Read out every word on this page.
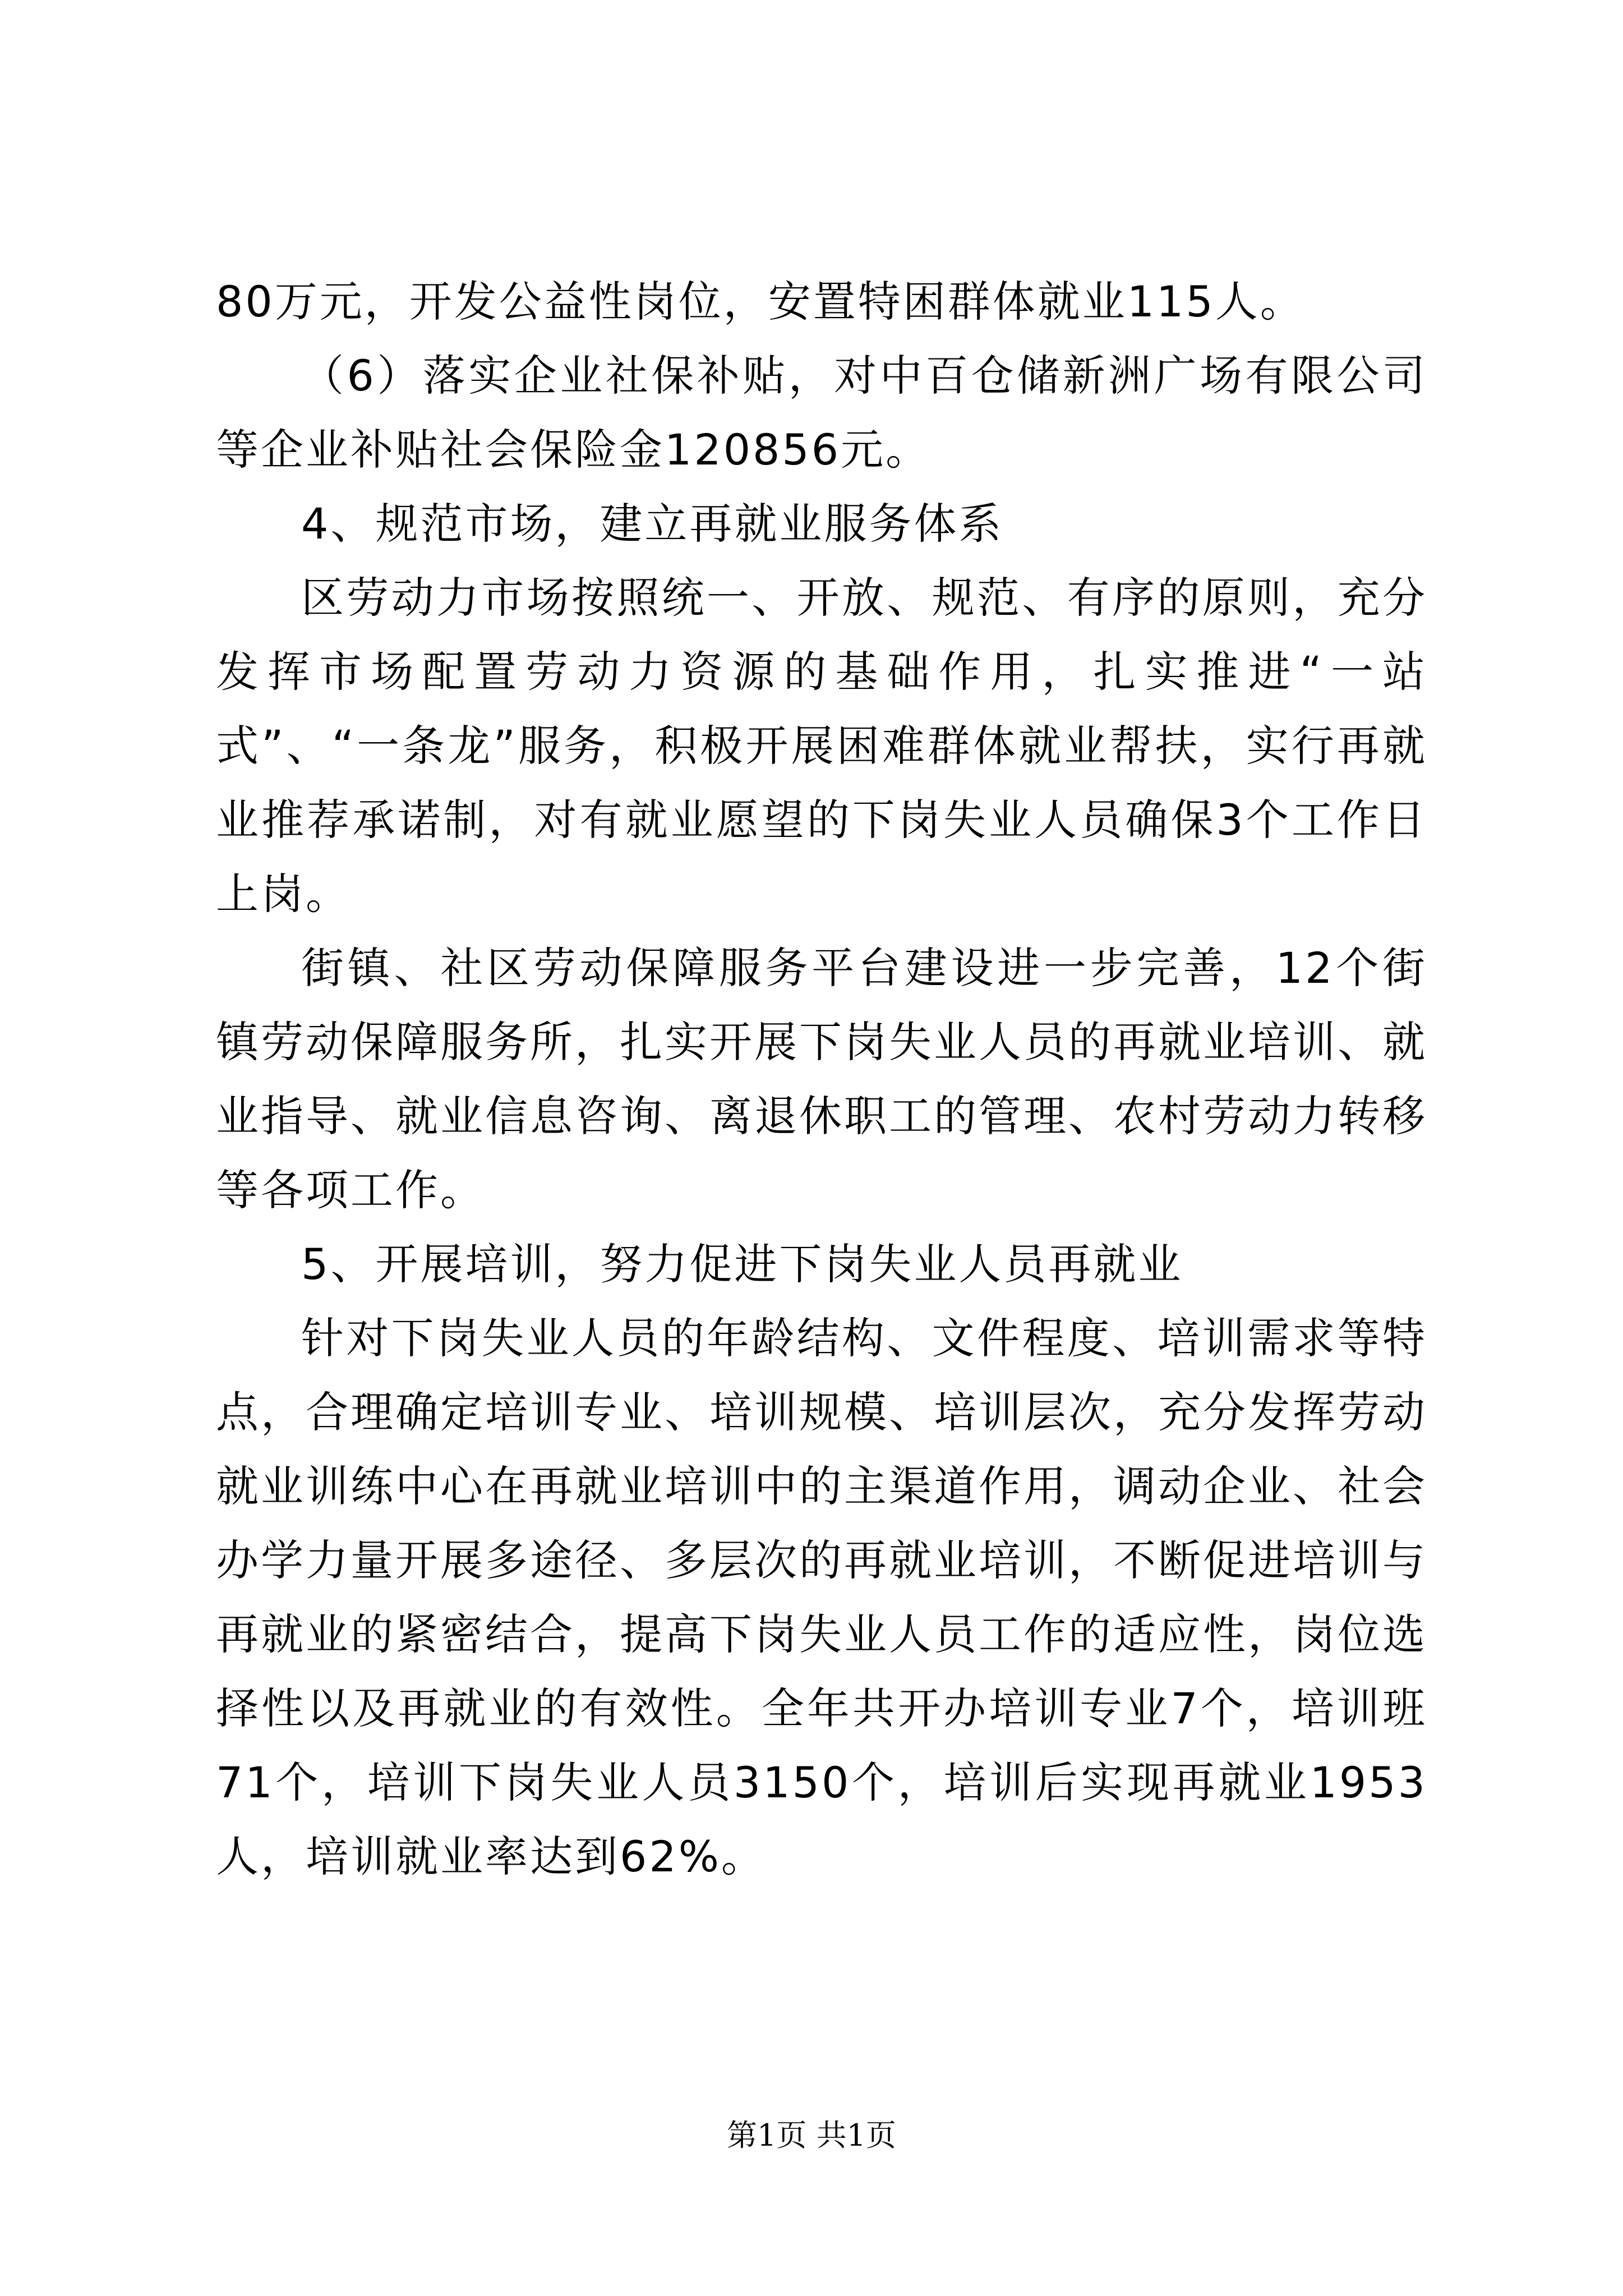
80万元，开发公益性岗位，安置特困群体就业115人。

（6）落实企业社保补贴，对中百仓储新洲广场有限公司等企业补贴社会保险金120856元。

4、规范市场，建立再就业服务体系

区劳动力市场按照统一、开放、规范、有序的原则，充分发挥市场配置劳动力资源的基础作用，扎实推进“一站式”、“一条龙”服务，积极开展困难群体就业帮扶，实行再就业推荐承诺制，对有就业愿望的下岗失业人员确保3个工作日上岗。

街镇、社区劳动保障服务平台建设进一步完善，12个街镇劳动保障服务所，扎实开展下岗失业人员的再就业培训、就业指导、就业信息咨询、离退休职工的管理、农村劳动力转移等各项工作。

5、开展培训，努力促进下岗失业人员再就业

针对下岗失业人员的年龄结构、文件程度、培训需求等特点，合理确定培训专业、培训规模、培训层次，充分发挥劳动就业训练中心在再就业培训中的主渠道作用，调动企业、社会办学力量开展多途径、多层次的再就业培训，不断促进培训与再就业的紧密结合，提高下岗失业人员工作的适应性，岗位选择性以及再就业的有效性。全年共开办培训专业7个，培训班71个，培训下岗失业人员3150个，培训后实现再就业1953人，培训就业率达到62%。

第1页 共1页
